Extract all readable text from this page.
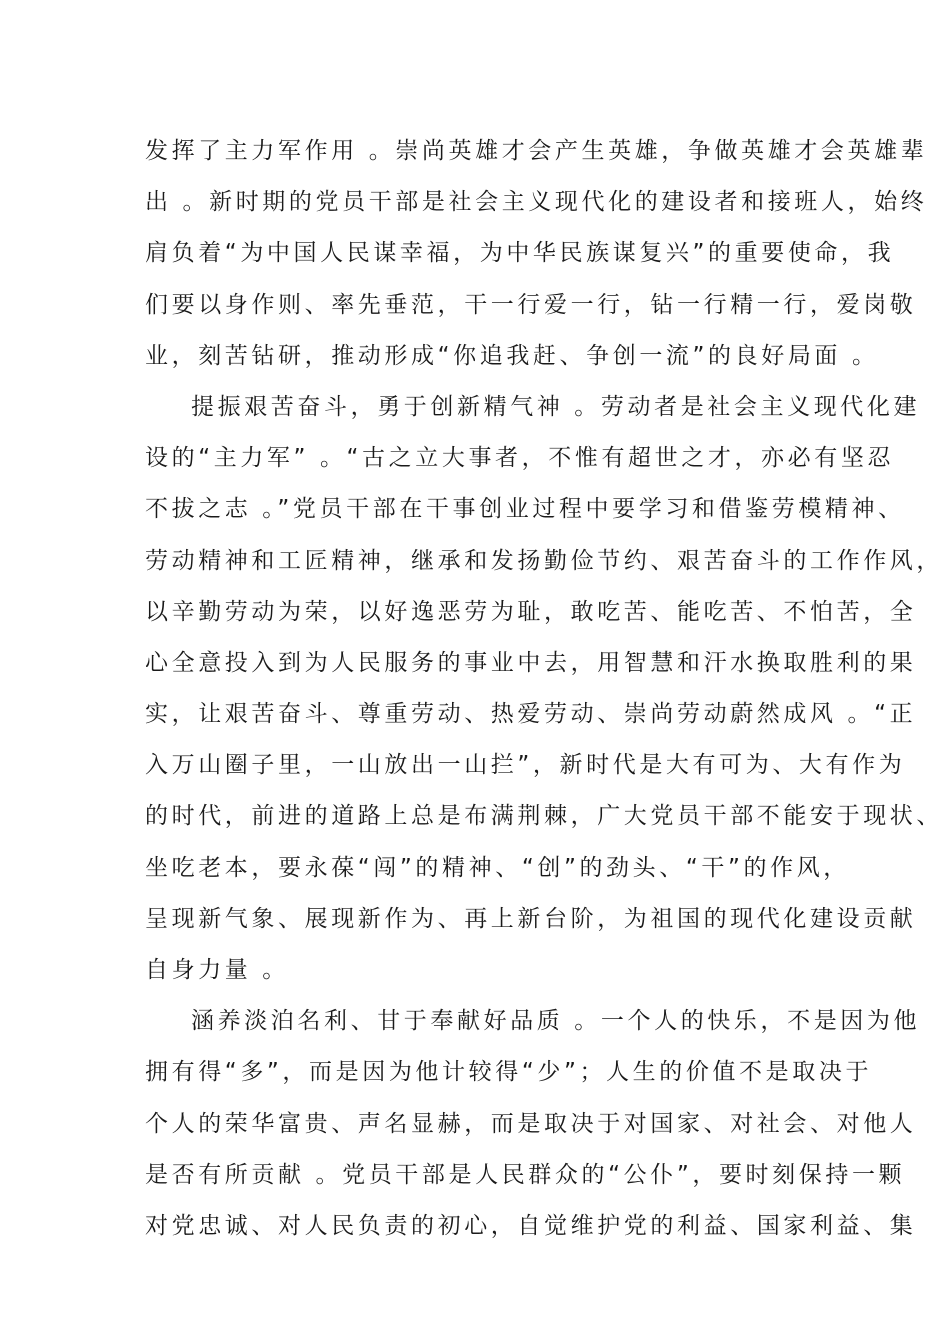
发挥了主力军作用 。崇尚英雄才会产生英雄，争做英雄才会英雄辈
出 。新时期的党员干部是社会主义现代化的建设者和接班人，始终
肩负着“为中国人民谋幸福，为中华民族谋复兴”的重要使命，我
们要以身作则、率先垂范，干一行爱一行，钻一行精一行，爱岗敬
业，刻苦钻研，推动形成“你追我赶、争创一流”的良好局面 。
提振艰苦奋斗，勇于创新精气神 。劳动者是社会主义现代化建
设的“主力军” 。“古之立大事者，不惟有超世之才，亦必有坚忍
不拔之志 。”党员干部在干事创业过程中要学习和借鉴劳模精神、
劳动精神和工匠精神，继承和发扬勤俭节约、艰苦奋斗的工作作风，
以辛勤劳动为荣，以好逸恶劳为耻，敢吃苦、能吃苦、不怕苦，全
心全意投入到为人民服务的事业中去，用智慧和汗水换取胜利的果
实，让艰苦奋斗、尊重劳动、热爱劳动、崇尚劳动蔚然成风 。“正
入万山圈子里，一山放出一山拦”，新时代是大有可为、大有作为
的时代，前进的道路上总是布满荆棘，广大党员干部不能安于现状、
坐吃老本，要永葆“闯”的精神、“创”的劲头、“干”的作风，
呈现新气象、展现新作为、再上新台阶，为祖国的现代化建设贡献
自身力量 。
涵养淡泊名利、甘于奉献好品质 。一个人的快乐，不是因为他
拥有得“多”，而是因为他计较得“少”；人生的价值不是取决于
个人的荣华富贵、声名显赫，而是取决于对国家、对社会、对他人
是否有所贡献 。党员干部是人民群众的“公仆”，要时刻保持一颗
对党忠诚、对人民负责的初心，自觉维护党的利益、国家利益、集
